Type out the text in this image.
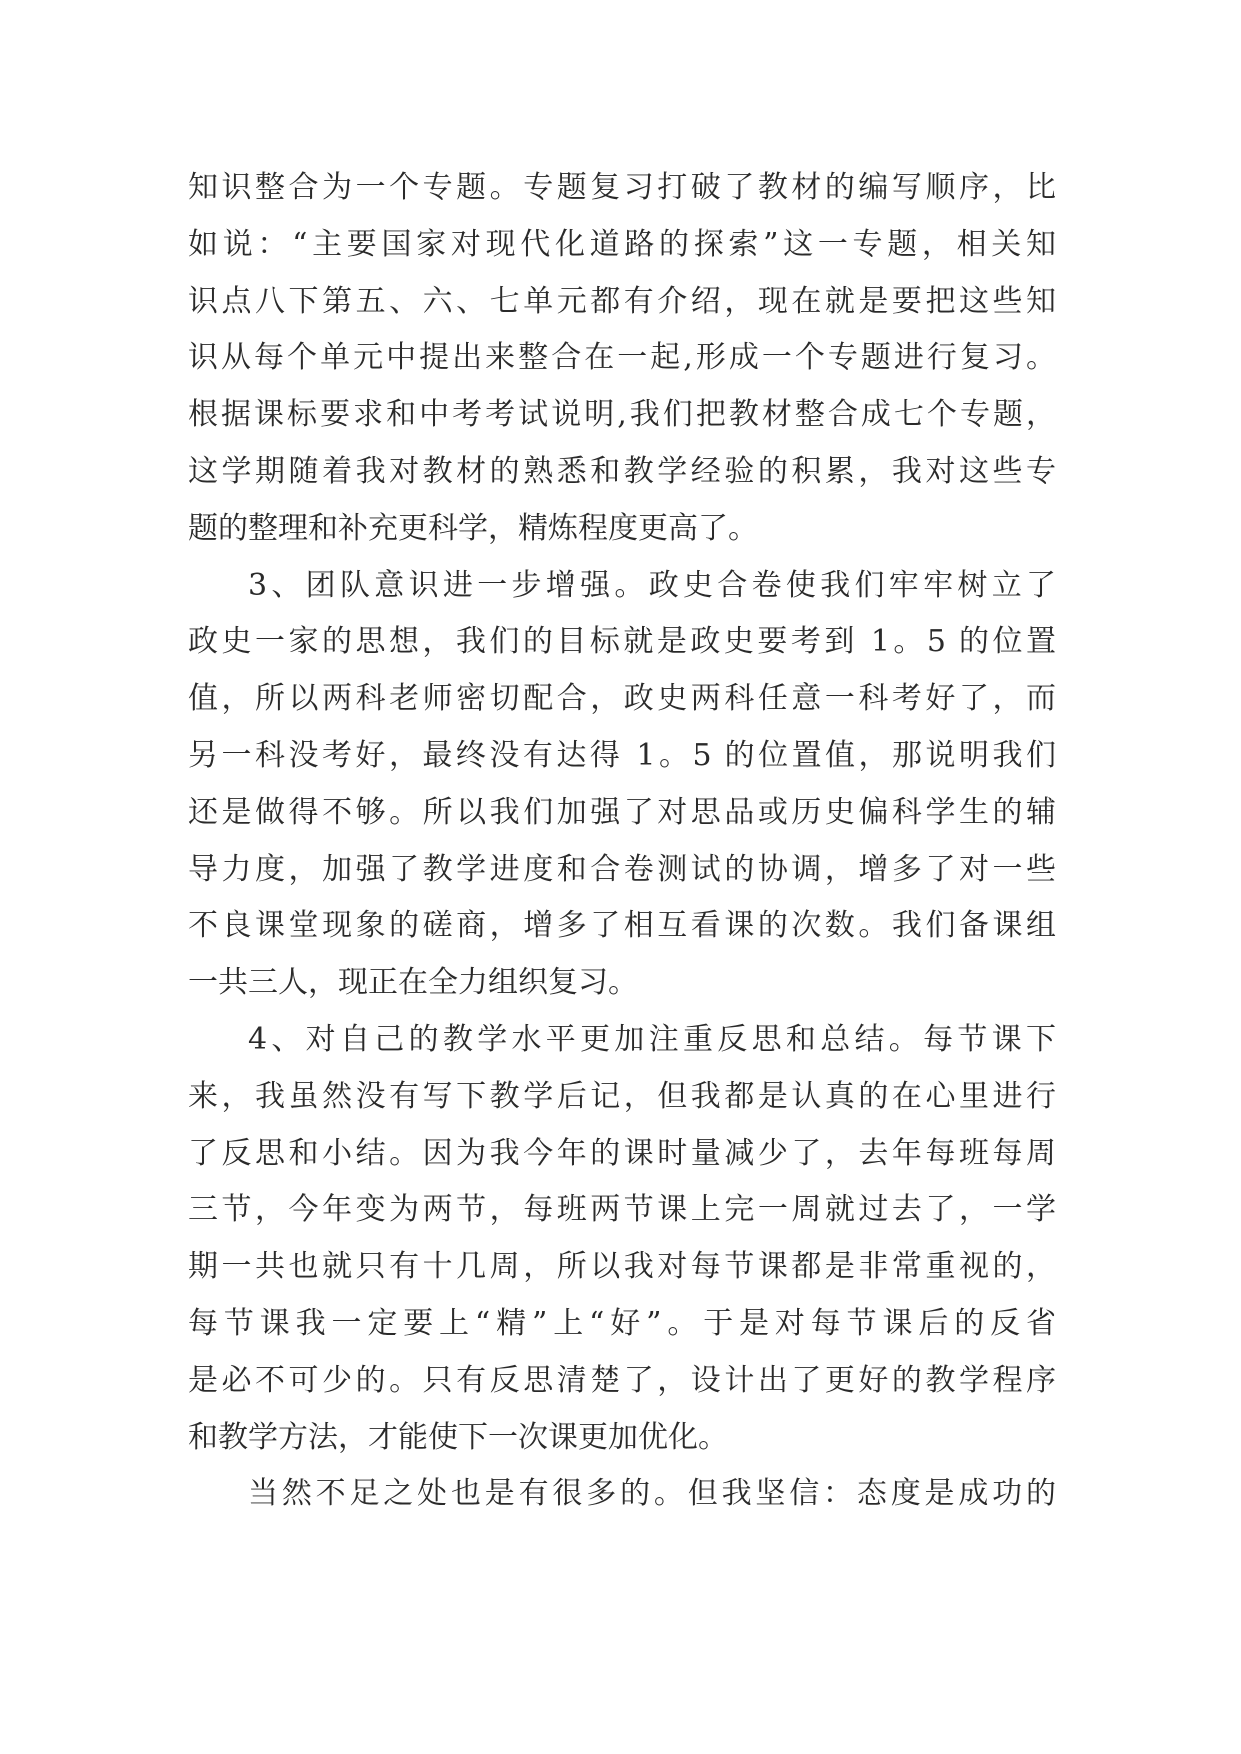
知识整合为一个专题。专题复习打破了教材的编写顺序，比
如说：“主要国家对现代化道路的探索”这一专题，相关知
识点八下第五、六、七单元都有介绍，现在就是要把这些知
识从每个单元中提出来整合在一起,形成一个专题进行复习。
根据课标要求和中考考试说明,我们把教材整合成七个专题，
这学期随着我对教材的熟悉和教学经验的积累，我对这些专
题的整理和补充更科学，精炼程度更高了。
3、团队意识进一步增强。政史合卷使我们牢牢树立了
政史一家的思想，我们的目标就是政史要考到 1。5 的位置
值，所以两科老师密切配合，政史两科任意一科考好了，而
另一科没考好，最终没有达得 1。5 的位置值，那说明我们
还是做得不够。所以我们加强了对思品或历史偏科学生的辅
导力度，加强了教学进度和合卷测试的协调，增多了对一些
不良课堂现象的磋商，增多了相互看课的次数。我们备课组
一共三人，现正在全力组织复习。
4、对自己的教学水平更加注重反思和总结。每节课下
来，我虽然没有写下教学后记，但我都是认真的在心里进行
了反思和小结。因为我今年的课时量减少了，去年每班每周
三节，今年变为两节，每班两节课上完一周就过去了，一学
期一共也就只有十几周，所以我对每节课都是非常重视的，
每节课我一定要上“精”上“好”。于是对每节课后的反省
是必不可少的。只有反思清楚了，设计出了更好的教学程序
和教学方法，才能使下一次课更加优化。
当然不足之处也是有很多的。但我坚信：态度是成功的
